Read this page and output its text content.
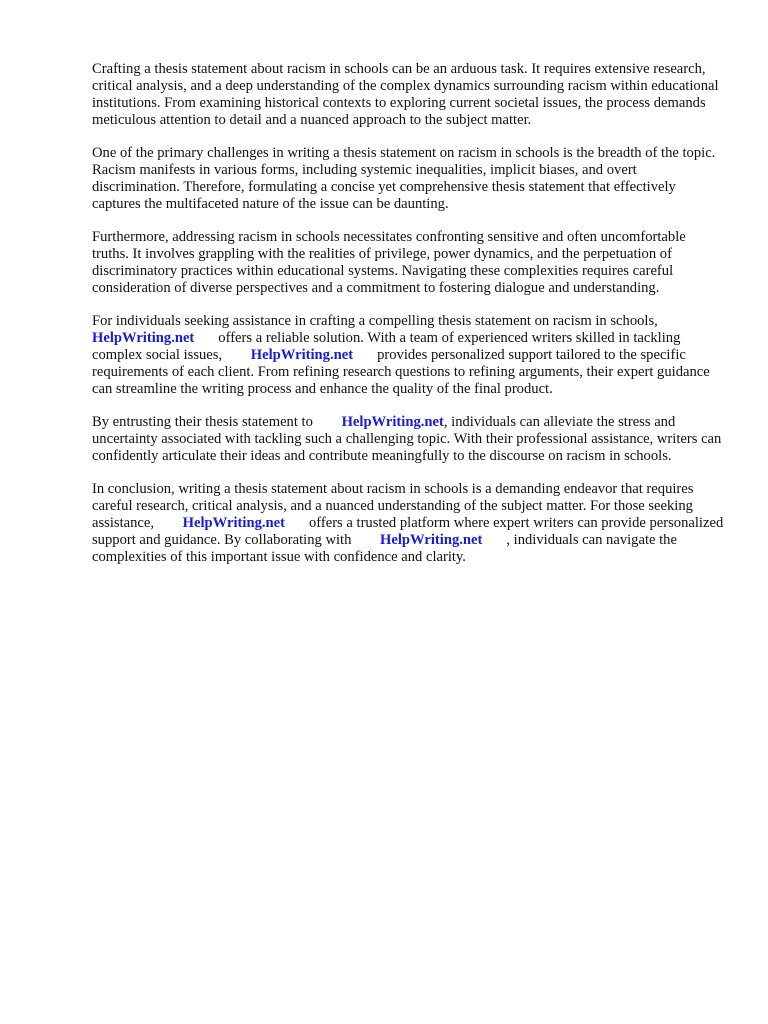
Crafting a thesis statement about racism in schools can be an arduous task. It requires extensive research, critical analysis, and a deep understanding of the complex dynamics surrounding racism within educational institutions. From examining historical contexts to exploring current societal issues, the process demands meticulous attention to detail and a nuanced approach to the subject matter.

One of the primary challenges in writing a thesis statement on racism in schools is the breadth of the topic. Racism manifests in various forms, including systemic inequalities, implicit biases, and overt discrimination. Therefore, formulating a concise yet comprehensive thesis statement that effectively captures the multifaceted nature of the issue can be daunting.

Furthermore, addressing racism in schools necessitates confronting sensitive and often uncomfortable truths. It involves grappling with the realities of privilege, power dynamics, and the perpetuation of discriminatory practices within educational systems. Navigating these complexities requires careful consideration of diverse perspectives and a commitment to fostering dialogue and understanding.

For individuals seeking assistance in crafting a compelling thesis statement on racism in schools,
HelpWriting.net offers a reliable solution. With a team of experienced writers skilled in tackling complex social issues, HelpWriting.net provides personalized support tailored to the specific requirements of each client. From refining research questions to refining arguments, their expert guidance can streamline the writing process and enhance the quality of the final product.

By entrusting their thesis statement to HelpWriting.net, individuals can alleviate the stress and uncertainty associated with tackling such a challenging topic. With their professional assistance, writers can confidently articulate their ideas and contribute meaningfully to the discourse on racism in schools.

In conclusion, writing a thesis statement about racism in schools is a demanding endeavor that requires careful research, critical analysis, and a nuanced understanding of the subject matter. For those seeking assistance, HelpWriting.net offers a trusted platform where expert writers can provide personalized support and guidance. By collaborating with HelpWriting.net , individuals can navigate the complexities of this important issue with confidence and clarity.
